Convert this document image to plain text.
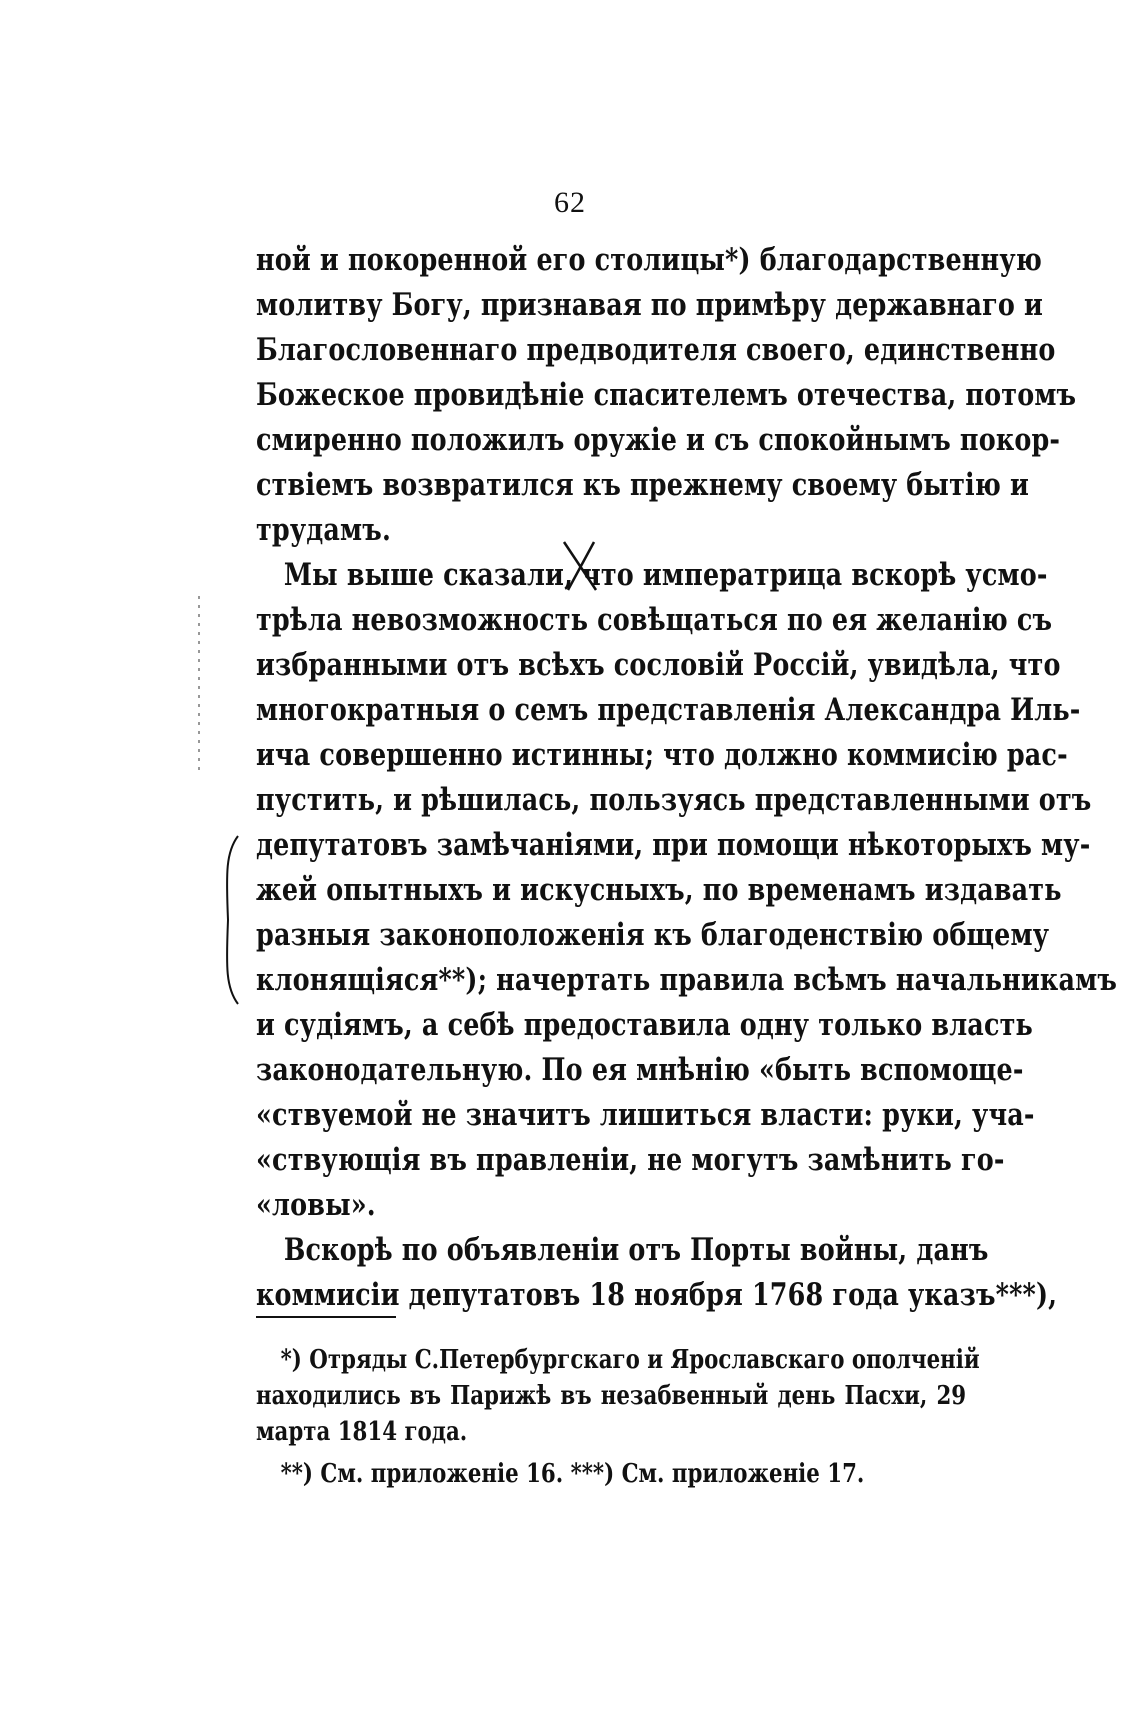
62
ной и покоренной его столицы*) благодарственную
молитву Богу, признавая по примѣру державнаго и
Благословеннаго предводителя своего, единственно
Божеское провидѣніе спасителемъ отечества, потомъ
смиренно положилъ оружіе и съ спокойнымъ покор-
ствіемъ возвратился къ прежнему своему бытію и
трудамъ.
Мы выше сказали, что императрица вскорѣ усмо-
трѣла невозможность совѣщаться по ея желанію съ
избранными отъ всѣхъ сословій Россій, увидѣла, что
многократныя о семъ представленія Александра Иль-
ича совершенно истинны; что должно коммисію рас-
пустить, и рѣшилась, пользуясь представленными отъ
депутатовъ замѣчаніями, при помощи нѣкоторыхъ му-
жей опытныхъ и искусныхъ, по временамъ издавать
разныя законоположенія къ благоденствію общему
клонящіяся**); начертать правила всѣмъ начальникамъ
и судіямъ, а себѣ предоставила одну только власть
законодательную. По ея мнѣнію «быть вспомоще-
«ствуемой не значитъ лишиться власти: руки, уча-
«ствующія въ правленіи, не могутъ замѣнить го-
«ловы».
Вскорѣ по объявленіи отъ Порты войны, данъ
коммисіи депутатовъ 18 ноября 1768 года указъ***),
*) Отряды С.Петербургскаго и Ярославскаго ополченій
находились въ Парижѣ въ незабвенный день Пасхи, 29
марта 1814 года.
**) См. приложеніе 16. ***) См. приложеніе 17.
